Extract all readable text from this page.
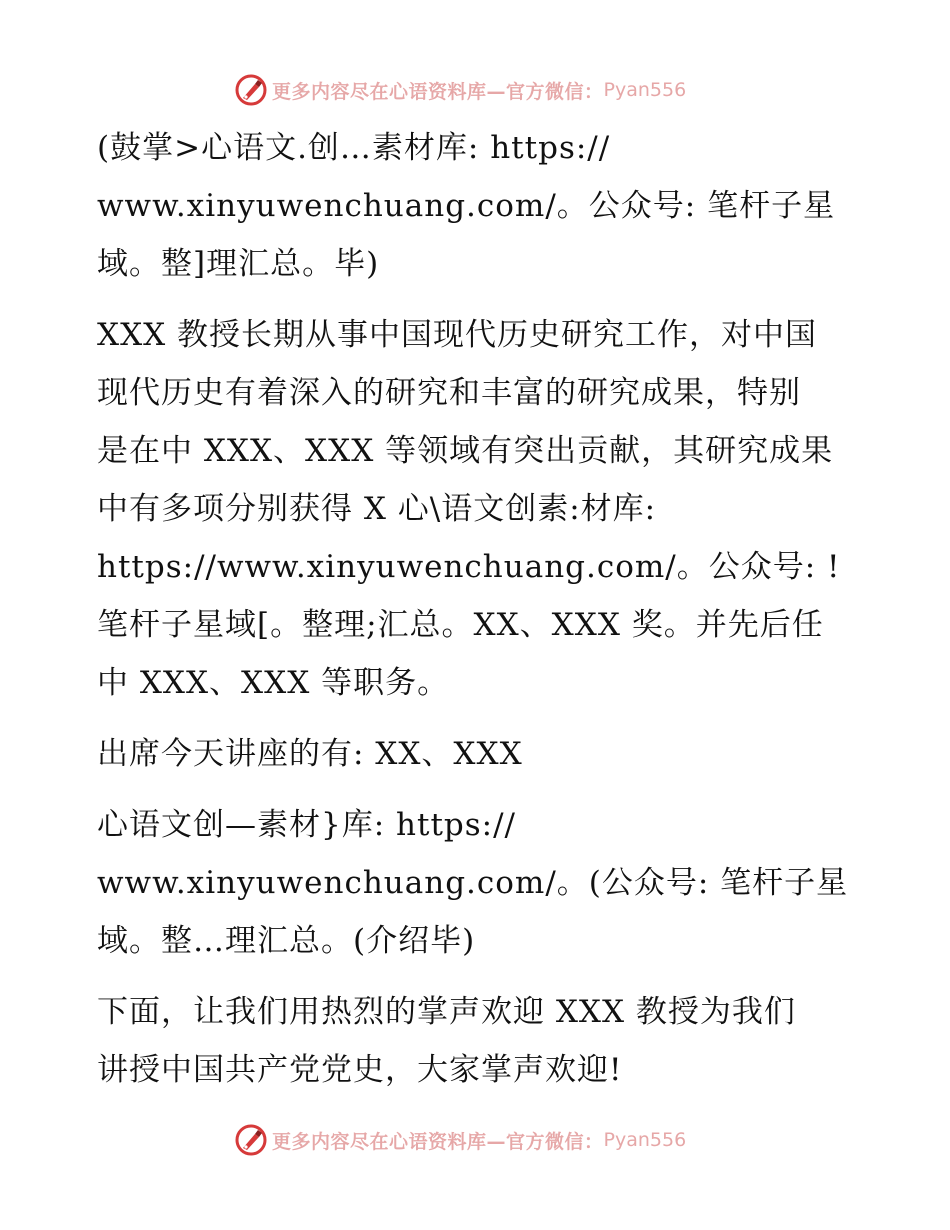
更多内容尽在心语资料库—官方微信： Pyan556

(鼓掌>心语文.创…素材库: https://
www.xinyuwenchuang.com/。公众号: 笔杆子星
域。整]理汇总。毕)

XXX 教授长期从事中国现代历史研究工作，对中国
现代历史有着深入的研究和丰富的研究成果，特别
是在中 XXX、XXX 等领域有突出贡献，其研究成果
中有多项分别获得 X 心\语文创素:材库:
https://www.xinyuwenchuang.com/。公众号: !
笔杆子星域[。整理;汇总。XX、XXX 奖。并先后任
中 XXX、XXX 等职务。

出席今天讲座的有: XX、XXX

心语文创—素材}库: https://
www.xinyuwenchuang.com/。(公众号: 笔杆子星
域。整…理汇总。(介绍毕)

下面，让我们用热烈的掌声欢迎 XXX 教授为我们
讲授中国共产党党史，大家掌声欢迎!

更多内容尽在心语资料库—官方微信： Pyan556
